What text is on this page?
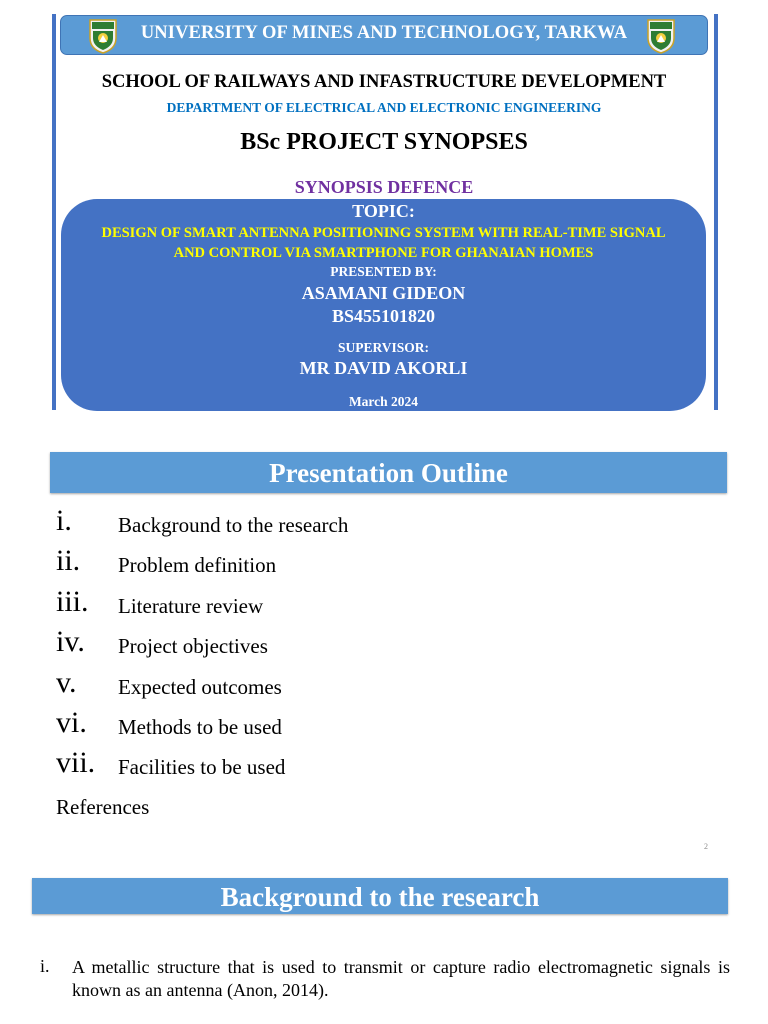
UNIVERSITY OF MINES AND TECHNOLOGY, TARKWA
SCHOOL OF RAILWAYS AND INFASTRUCTURE DEVELOPMENT
DEPARTMENT OF ELECTRICAL AND ELECTRONIC ENGINEERING
BSc PROJECT SYNOPSES
SYNOPSIS DEFENCE
TOPIC:
DESIGN OF SMART ANTENNA POSITIONING SYSTEM WITH REAL-TIME SIGNAL
AND CONTROL VIA SMARTPHONE FOR GHANAIAN HOMES
PRESENTED BY:
ASAMANI GIDEON
BS455101820
SUPERVISOR:
MR DAVID AKORLI
March 2024
Presentation Outline
i. Background to the research
ii. Problem definition
iii. Literature review
iv. Project objectives
v. Expected outcomes
vi. Methods to be used
vii. Facilities to be used
References
2
Background to the research
i. A metallic structure that is used to transmit or capture radio electromagnetic signals is known as an antenna (Anon, 2014).
